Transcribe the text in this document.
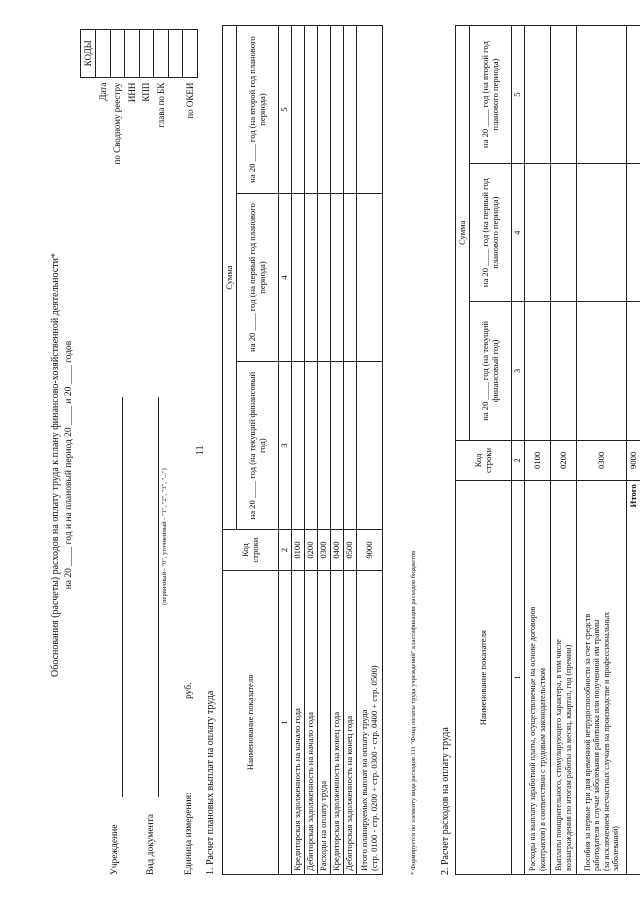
11
Обоснования (расчеты) расходов на оплату труда к плану финансово-хозяйственной деятельности* на 20 ____ год и на плановый период 20 ____ и 20 ____ годов
Учреждение	Вид документа
(первичный - "0", уточненный - "1", "2", "3", "...")
Единица измерения:
руб.
	КОДЫ
Дата	
по Сводному реестру	
ИНН	
КПП	
глава по БК	

по ОКЕИ	
1. Расчет плановых выплат на оплату труда	Наименование показателя	Код строки	Сумма		
		на 20 ____ год (на текущий финансовый год)	на 20 ____ год (на первый год планового периода)	на 20 ____ год (на второй год планового периода)
1	2	3	4	5
Кредиторская задолженность на начало года	0100			
Дебиторская задолженность на начало года	0200			
Расходы на оплату труда	0300			
Кредиторская задолженность на конец года	0400			
Дебиторская задолженность на конец года	0500			

Итого планируемых выплат на оплату труда (стр. 0100 - стр. 0200 + стр. 0300 - стр. 0400 + стр. 0500)	9000			
* Формируется по элементу вида расходов 111 "Фонд оплаты труда учреждений" классификации расходов бюджетов 2. Расчет расходов на оплату труда
Наименование показателя	Код строки	Сумма		
		на 20 ____ год (на текущий финансовый год)	на 20 ____ год (на первый год планового периода)	на 20 ____ год (на второй год планового периода)
1	2	3	4	5

Расходы на выплату заработной платы, осуществляемые на основе договоров (контрактов) в соответствии с трудовым законодательством	0100			

Выплаты поощрительного, стимулирующего характера, в том числе вознаграждения по итогам работы за месяц, квартал, год (премии)	0200			

Пособия за первые три дня временной нетрудоспособности за счет средств работодателя в случае заболевания работника или полученной им травмы (за исключением несчастных случаев на производстве и профессиональных заболеваний)	0300			
Итого	9000			
